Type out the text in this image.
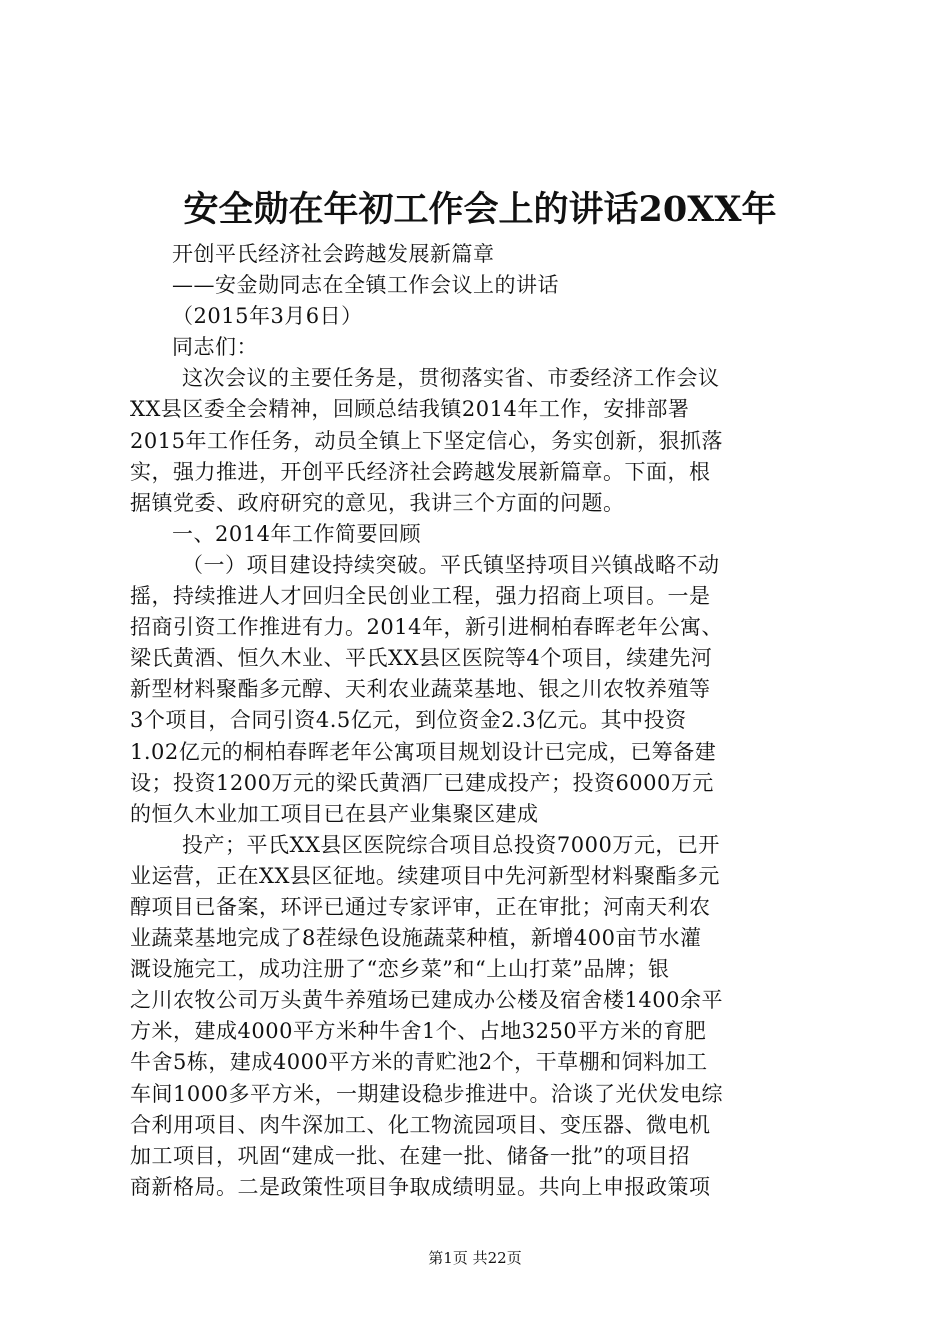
安全勋在年初工作会上的讲话20XX年

开创平氏经济社会跨越发展新篇章

——安金勋同志在全镇工作会议上的讲话

（2015年3月6日）

同志们：

这次会议的主要任务是，贯彻落实省、市委经济工作会议

XX县区委全会精神，回顾总结我镇2014年工作，安排部署

2015年工作任务，动员全镇上下坚定信心，务实创新，狠抓落

实，强力推进，开创平氏经济社会跨越发展新篇章。下面，根

据镇党委、政府研究的意见，我讲三个方面的问题。

一、2014年工作简要回顾

（一）项目建设持续突破。平氏镇坚持项目兴镇战略不动

摇，持续推进人才回归全民创业工程，强力招商上项目。一是

招商引资工作推进有力。2014年，新引进桐柏春晖老年公寓、

梁氏黄酒、恒久木业、平氏XX县区医院等4个项目，续建先河

新型材料聚酯多元醇、天利农业蔬菜基地、银之川农牧养殖等

3个项目，合同引资4.5亿元，到位资金2.3亿元。其中投资

1.02亿元的桐柏春晖老年公寓项目规划设计已完成，已筹备建

设；投资1200万元的梁氏黄酒厂已建成投产；投资6000万元

的恒久木业加工项目已在县产业集聚区建成

投产；平氏XX县区医院综合项目总投资7000万元，已开

业运营，正在XX县区征地。续建项目中先河新型材料聚酯多元

醇项目已备案，环评已通过专家评审，正在审批；河南天利农

业蔬菜基地完成了8茬绿色设施蔬菜种植，新增400亩节水灌

溉设施完工，成功注册了“恋乡菜”和“上山打菜”品牌；银

之川农牧公司万头黄牛养殖场已建成办公楼及宿舍楼1400余平

方米，建成4000平方米种牛舍1个、占地3250平方米的育肥

牛舍5栋，建成4000平方米的青贮池2个，干草棚和饲料加工

车间1000多平方米，一期建设稳步推进中。洽谈了光伏发电综

合利用项目、肉牛深加工、化工物流园项目、变压器、微电机

加工项目，巩固“建成一批、在建一批、储备一批”的项目招

商新格局。二是政策性项目争取成绩明显。共向上申报政策项

第1页 共22页
